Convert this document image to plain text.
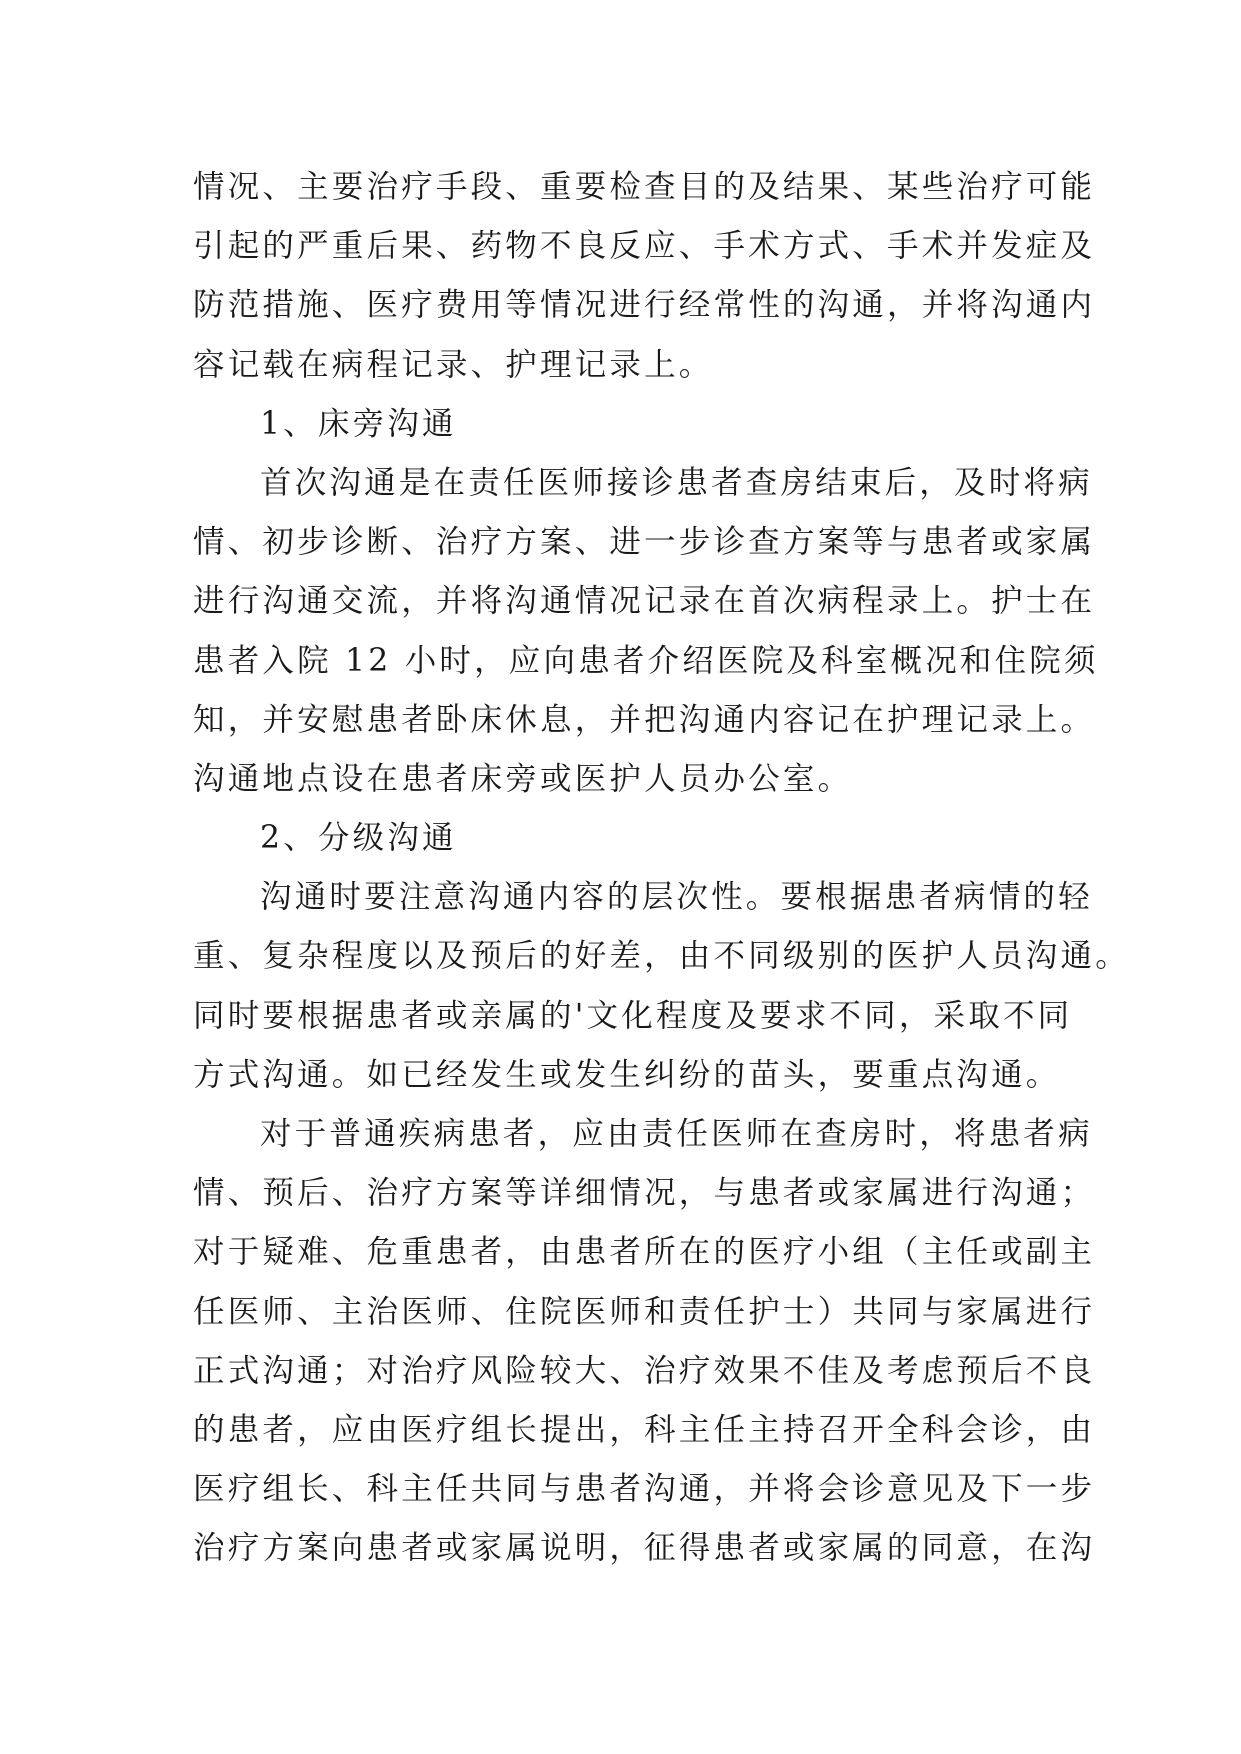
情况、主要治疗手段、重要检查目的及结果、某些治疗可能
引起的严重后果、药物不良反应、手术方式、手术并发症及
防范措施、医疗费用等情况进行经常性的沟通，并将沟通内
容记载在病程记录、护理记录上。
1、床旁沟通
首次沟通是在责任医师接诊患者查房结束后，及时将病
情、初步诊断、治疗方案、进一步诊查方案等与患者或家属
进行沟通交流，并将沟通情况记录在首次病程录上。护士在
患者入院 12 小时，应向患者介绍医院及科室概况和住院须
知，并安慰患者卧床休息，并把沟通内容记在护理记录上。
沟通地点设在患者床旁或医护人员办公室。
2、分级沟通
沟通时要注意沟通内容的层次性。要根据患者病情的轻
重、复杂程度以及预后的好差，由不同级别的医护人员沟通。
同时要根据患者或亲属的'文化程度及要求不同，采取不同
方式沟通。如已经发生或发生纠纷的苗头，要重点沟通。
对于普通疾病患者，应由责任医师在查房时，将患者病
情、预后、治疗方案等详细情况，与患者或家属进行沟通；
对于疑难、危重患者，由患者所在的医疗小组（主任或副主
任医师、主治医师、住院医师和责任护士）共同与家属进行
正式沟通；对治疗风险较大、治疗效果不佳及考虑预后不良
的患者，应由医疗组长提出，科主任主持召开全科会诊，由
医疗组长、科主任共同与患者沟通，并将会诊意见及下一步
治疗方案向患者或家属说明，征得患者或家属的同意，在沟
